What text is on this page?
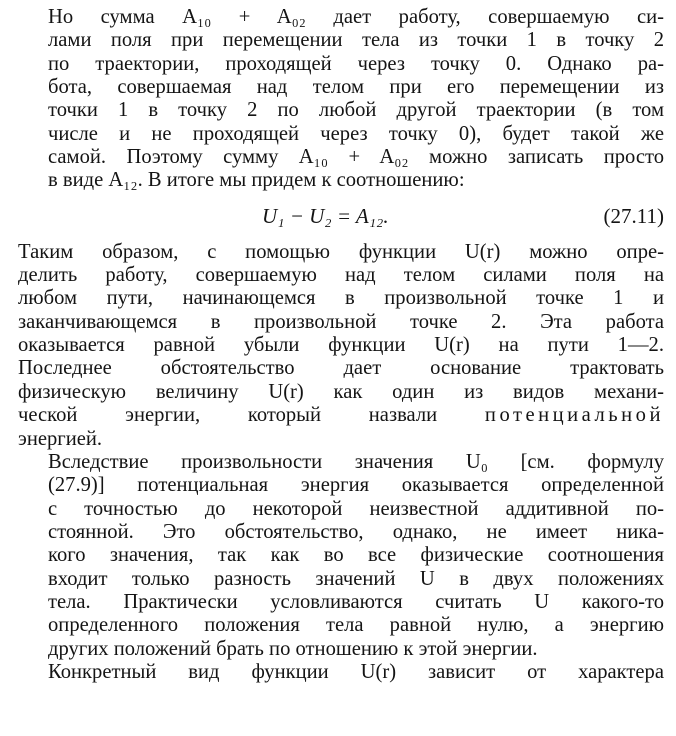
Но сумма A₁₀ + A₀₂ дает работу, совершаемую си-
лами поля при перемещении тела из точки 1 в точку 2
по траектории, проходящей через точку 0. Однако ра-
бота, совершаемая над телом при его перемещении из
точки 1 в точку 2 по любой другой траектории (в том
числе и не проходящей через точку 0), будет такой же
самой. Поэтому сумму A₁₀ + A₀₂ можно записать просто
в виде A₁₂. В итоге мы придем к соотношению:
U₁ − U₂ = A₁₂.	(27.11)
Таким образом, с помощью функции U(r) можно опре-
делить работу, совершаемую над телом силами поля на
любом пути, начинающемся в произвольной точке 1 и
заканчивающемся в произвольной точке 2. Эта работа
оказывается равной убыли функции U(r) на пути 1—2.
Последнее обстоятельство дает основание трактовать
физическую величину U(r) как один из видов механи-
ческой энергии, который назвали потенциальной
энергией.
Вследствие произвольности значения U₀ [см. формулу
(27.9)] потенциальная энергия оказывается определенной
с точностью до некоторой неизвестной аддитивной по-
стоянной. Это обстоятельство, однако, не имеет ника-
кого значения, так как во все физические соотношения
входит только разность значений U в двух положениях
тела. Практически условливаются считать U какого-то
определенного положения тела равной нулю, а энергию
других положений брать по отношению к этой энергии.
Конкретный вид функции U(r) зависит от характера
